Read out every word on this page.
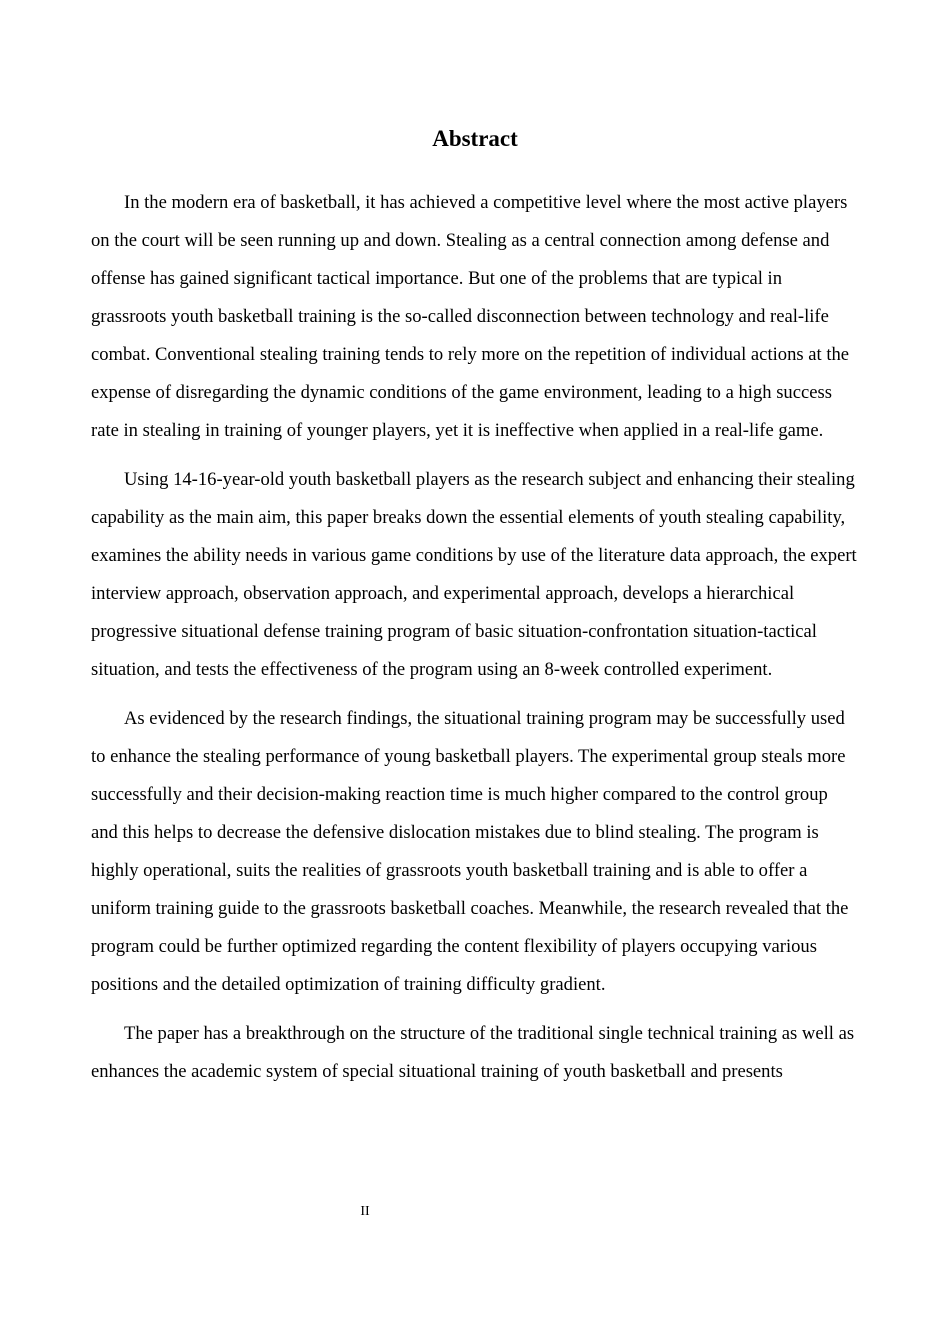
Abstract

In the modern era of basketball, it has achieved a competitive level where the most active players on the court will be seen running up and down. Stealing as a central connection among defense and offense has gained significant tactical importance. But one of the problems that are typical in grassroots youth basketball training is the so-called disconnection between technology and real-life combat. Conventional stealing training tends to rely more on the repetition of individual actions at the expense of disregarding the dynamic conditions of the game environment, leading to a high success rate in stealing in training of younger players, yet it is ineffective when applied in a real-life game.

Using 14-16-year-old youth basketball players as the research subject and enhancing their stealing capability as the main aim, this paper breaks down the essential elements of youth stealing capability, examines the ability needs in various game conditions by use of the literature data approach, the expert interview approach, observation approach, and experimental approach, develops a hierarchical progressive situational defense training program of basic situation-confrontation situation-tactical situation, and tests the effectiveness of the program using an 8-week controlled experiment.

As evidenced by the research findings, the situational training program may be successfully used to enhance the stealing performance of young basketball players. The experimental group steals more successfully and their decision-making reaction time is much higher compared to the control group and this helps to decrease the defensive dislocation mistakes due to blind stealing. The program is highly operational, suits the realities of grassroots youth basketball training and is able to offer a uniform training guide to the grassroots basketball coaches. Meanwhile, the research revealed that the program could be further optimized regarding the content flexibility of players occupying various positions and the detailed optimization of training difficulty gradient.

The paper has a breakthrough on the structure of the traditional single technical training as well as enhances the academic system of special situational training of youth basketball and presents

II
